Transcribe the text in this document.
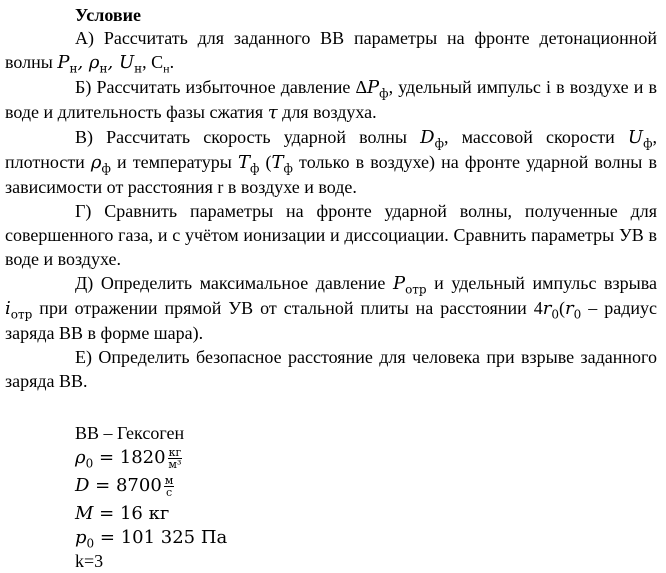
Условие

А) Рассчитать для заданного ВВ параметры на фронте детонационной волны $P_н$, $\rho_н$, $U_н$, $C_н$.

Б) Рассчитать избыточное давление $\Delta P_ф$, удельный импульс i в воздухе и в воде и длительность фазы сжатия τ для воздуха.

В) Рассчитать скорость ударной волны $D_ф$, массовой скорости $U_ф$, плотности $\rho_ф$ и температуры $T_ф$ ($T_ф$ только в воздухе) на фронте ударной волны в зависимости от расстояния r в воздухе и воде.

Г) Сравнить параметры на фронте ударной волны, полученные для совершенного газа, и с учётом ионизации и диссоциации. Сравнить параметры УВ в воде и воздухе.

Д) Определить максимальное давление $P_{отр}$ и удельный импульс взрыва $i_{отр}$ при отражении прямой УВ от стальной плиты на расстоянии $4r_0(r_0$ – радиус заряда ВВ в форме шара).

Е) Определить безопасное расстояние для человека при взрыве заданного заряда ВВ.

ВВ – Гексоген
$\rho_0 = 1820 \frac{кг}{\text{м³}}$
$D = 8700 \frac{м}{с}$
M = 16 кг
$p_0 = 101$ 325 Па
k=3
